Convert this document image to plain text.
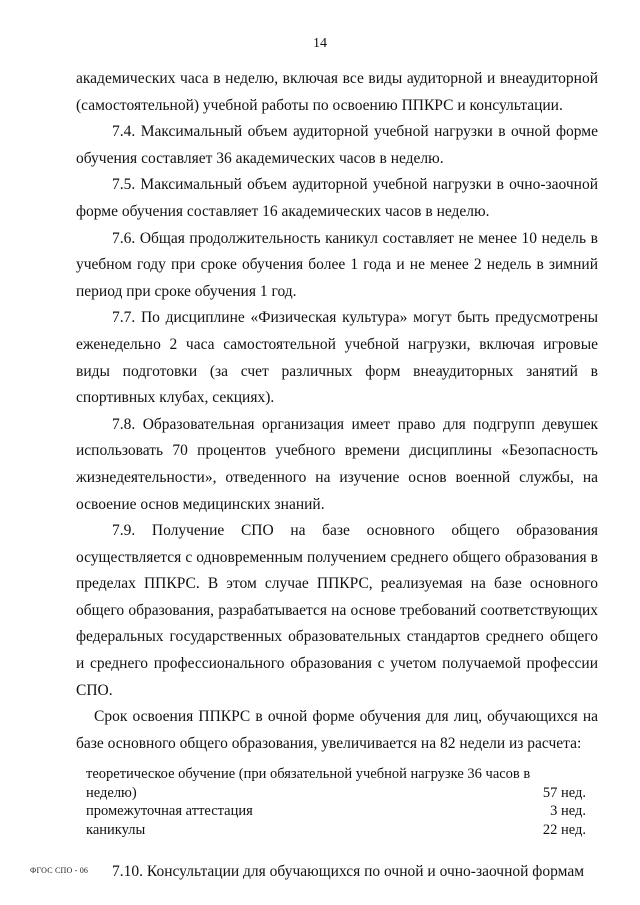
14

академических часа в неделю, включая все виды аудиторной и внеаудиторной (самостоятельной) учебной работы по освоению ППКРС и консультации.

7.4. Максимальный объем аудиторной учебной нагрузки в очной форме обучения составляет 36 академических часов в неделю.

7.5. Максимальный объем аудиторной учебной нагрузки в очно-заочной форме обучения составляет 16 академических часов в неделю.

7.6. Общая продолжительность каникул составляет не менее 10 недель в учебном году при сроке обучения более 1 года и не менее 2 недель в зимний период при сроке обучения 1 год.

7.7. По дисциплине «Физическая культура» могут быть предусмотрены еженедельно 2 часа самостоятельной учебной нагрузки, включая игровые виды подготовки (за счет различных форм внеаудиторных занятий в спортивных клубах, секциях).

7.8. Образовательная организация имеет право для подгрупп девушек использовать 70 процентов учебного времени дисциплины «Безопасность жизнедеятельности», отведенного на изучение основ военной службы, на освоение основ медицинских знаний.

7.9. Получение СПО на базе основного общего образования осуществляется с одновременным получением среднего общего образования в пределах ППКРС. В этом случае ППКРС, реализуемая на базе основного общего образования, разрабатывается на основе требований соответствующих федеральных государственных образовательных стандартов среднего общего и среднего профессионального образования с учетом получаемой профессии СПО.

Срок освоения ППКРС в очной форме обучения для лиц, обучающихся на базе основного общего образования, увеличивается на 82 недели из расчета:

теоретическое обучение (при обязательной учебной нагрузке 36 часов в неделю)	57 нед.
промежуточная аттестация	3 нед.
каникулы	22 нед.

7.10. Консультации для обучающихся по очной и очно-заочной формам

ФГОС СПО - 06
